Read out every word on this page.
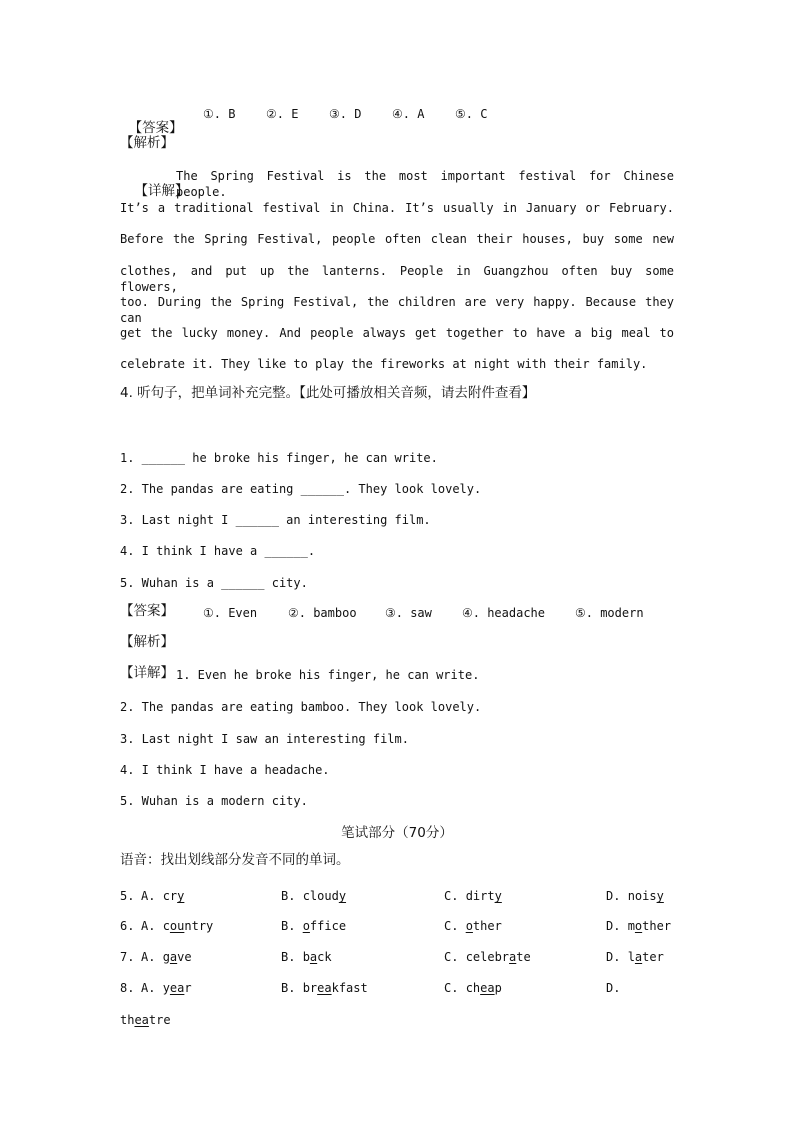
【答案】

①. B	②. E	③. D	④. A	⑤. C
【解析】

【详解】

The Spring Festival is the most important festival for Chinese people.
It’s a traditional festival in China. It’s usually in January or February.
Before the Spring Festival, people often clean their houses, buy some new
clothes, and put up the lanterns. People in Guangzhou often buy some flowers,
too. During the Spring Festival, the children are very happy. Because they can
get the lucky money. And people always get together to have a big meal to
celebrate it. They like to play the fireworks at night with their family.
4. 听句子，把单词补充完整。【此处可播放相关音频，请去附件查看】
1. ______ he broke his finger, he can write.
2. The pandas are eating ______. They look lovely.
3. Last night I ______ an interesting film.
4. I think I have a ______.
5. Wuhan is a ______ city.
【答案】 ①. Even	②. bamboo ③. saw	④. headache ⑤. modern
【解析】
【详解】 1. Even he broke his finger, he can write.
2. The pandas are eating bamboo. They look lovely.
3. Last night I saw an interesting film.
4. I think I have a headache.
5. Wuhan is a modern city.
笔试部分（70分）
语音：找出划线部分发音不同的单词。
5. A. cry	B. cloudy	C. dirty	D. noisy
6. A. country	B. office	C. other	D. mother
7. A. gave	B. back	C. celebrate	D. later
8. A. year	B. breakfast	C. cheap	D.
theatre
